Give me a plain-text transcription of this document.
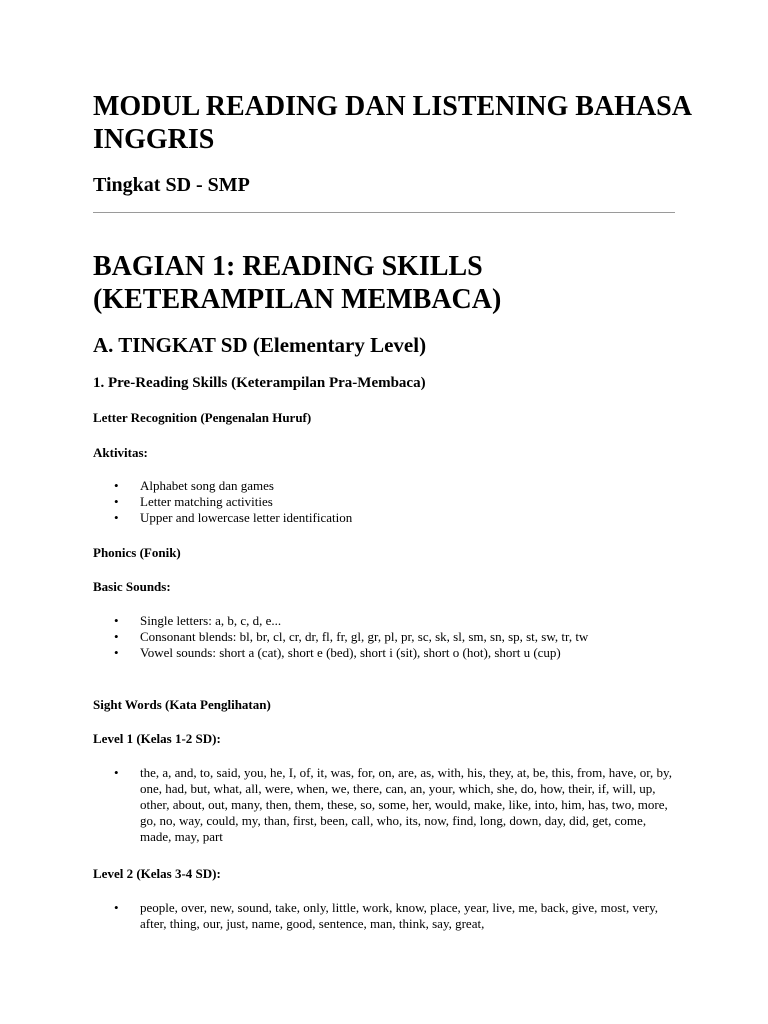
MODUL READING DAN LISTENING BAHASA INGGRIS
Tingkat SD - SMP
BAGIAN 1: READING SKILLS (KETERAMPILAN MEMBACA)
A. TINGKAT SD (Elementary Level)
1. Pre-Reading Skills (Keterampilan Pra-Membaca)
Letter Recognition (Pengenalan Huruf)
Aktivitas:
• Alphabet song dan games
• Letter matching activities
• Upper and lowercase letter identification
Phonics (Fonik)
Basic Sounds:
• Single letters: a, b, c, d, e...
• Consonant blends: bl, br, cl, cr, dr, fl, fr, gl, gr, pl, pr, sc, sk, sl, sm, sn, sp, st, sw, tr, tw
• Vowel sounds: short a (cat), short e (bed), short i (sit), short o (hot), short u (cup)
Sight Words (Kata Penglihatan)
Level 1 (Kelas 1-2 SD):
• the, a, and, to, said, you, he, I, of, it, was, for, on, are, as, with, his, they, at, be, this, from, have, or, by, one, had, but, what, all, were, when, we, there, can, an, your, which, she, do, how, their, if, will, up, other, about, out, many, then, them, these, so, some, her, would, make, like, into, him, has, two, more, go, no, way, could, my, than, first, been, call, who, its, now, find, long, down, day, did, get, come, made, may, part
Level 2 (Kelas 3-4 SD):
• people, over, new, sound, take, only, little, work, know, place, year, live, me, back, give, most, very, after, thing, our, just, name, good, sentence, man, think, say, great,
